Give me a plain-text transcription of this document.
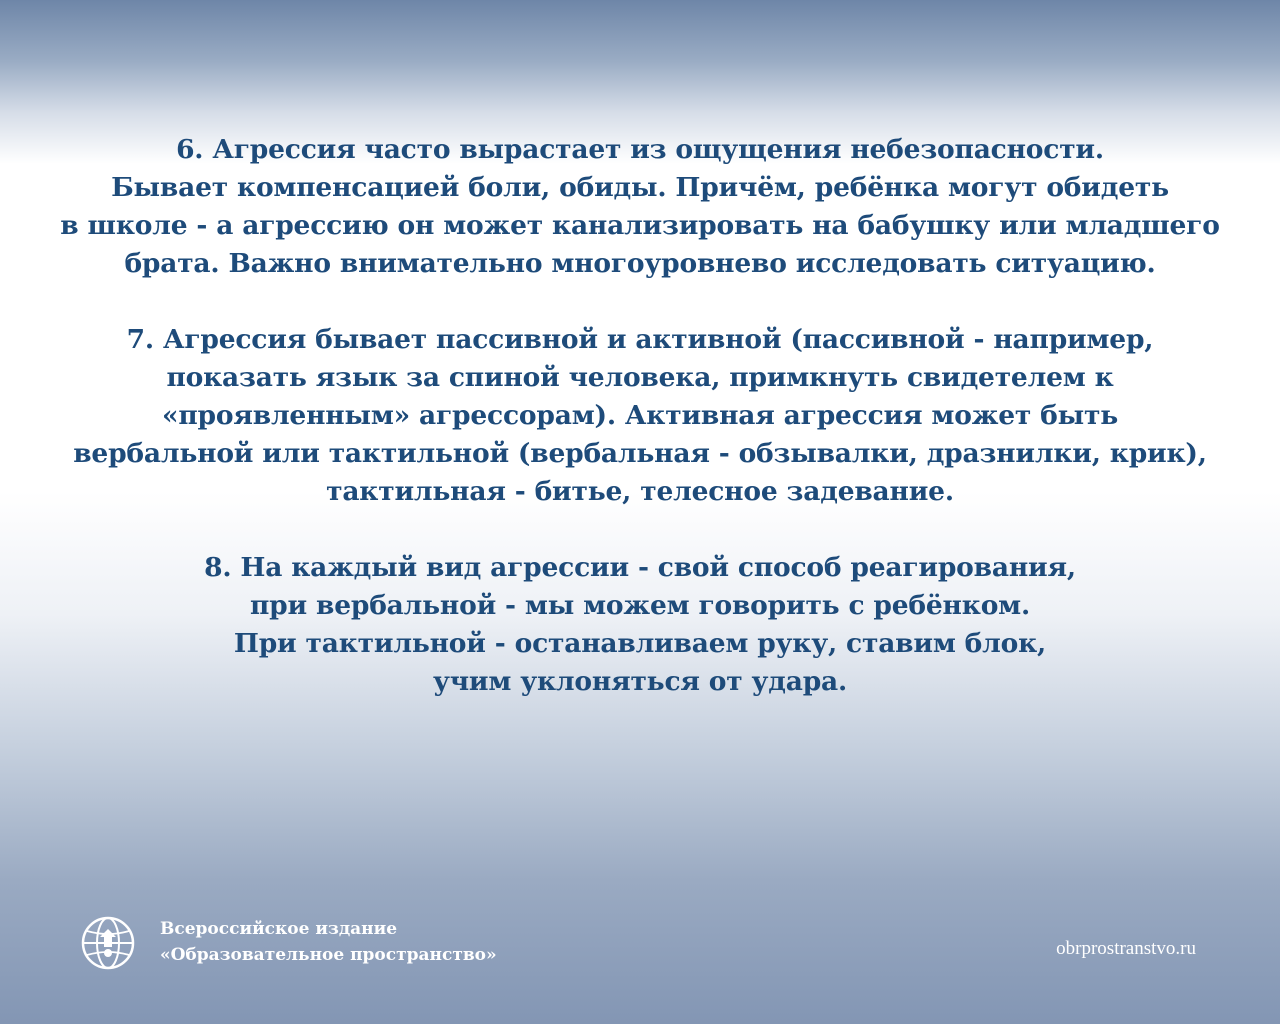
6. Агрессия часто вырастает из ощущения небезопасности.
Бывает компенсацией боли, обиды. Причём, ребёнка могут обидеть
в школе - а агрессию он может канализировать на бабушку или младшего
брата. Важно внимательно многоуровнево исследовать ситуацию.

7. Агрессия бывает пассивной и активной (пассивной - например,
показать язык за спиной человека, примкнуть свидетелем к
«проявленным» агрессорам). Активная агрессия может быть
вербальной или тактильной (вербальная - обзывалки, дразнилки, крик),
тактильная - битье, телесное задевание.

8. На каждый вид агрессии - свой способ реагирования,
при вербальной - мы можем говорить с ребёнком.
При тактильной - останавливаем руку, ставим блок,
учим уклоняться от удара.

Всероссийское издание
«Образовательное пространство»	obrprostranstvo.ru
